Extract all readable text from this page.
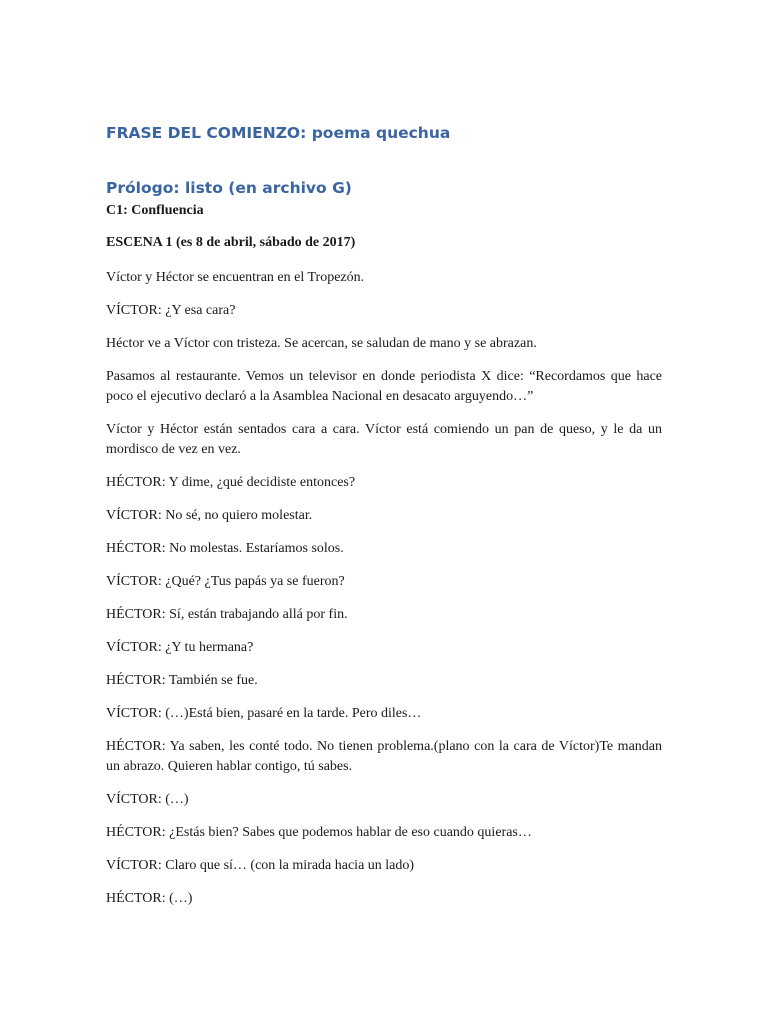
FRASE DEL COMIENZO: poema quechua
Prólogo: listo (en archivo G)

C1: Confluencia

ESCENA 1 (es 8 de abril, sábado de 2017)

Víctor y Héctor se encuentran en el Tropezón.

VÍCTOR: ¿Y esa cara?

Héctor ve a Víctor con tristeza. Se acercan, se saludan de mano y se abrazan.

Pasamos al restaurante. Vemos un televisor en donde periodista X dice: “Recordamos que hace poco el ejecutivo declaró a la Asamblea Nacional en desacato arguyendo…”

Víctor y Héctor están sentados cara a cara. Víctor está comiendo un pan de queso, y le da un mordisco de vez en vez.

HÉCTOR: Y dime, ¿qué decidiste entonces?

VÍCTOR: No sé, no quiero molestar.

HÉCTOR: No molestas. Estaríamos solos.

VÍCTOR: ¿Qué? ¿Tus papás ya se fueron?

HÉCTOR: Sí, están trabajando allá por fin.

VÍCTOR: ¿Y tu hermana?

HÉCTOR: También se fue.

VÍCTOR: (…)Está bien, pasaré en la tarde. Pero diles…

HÉCTOR: Ya saben, les conté todo. No tienen problema.(plano con la cara de Víctor)Te mandan un abrazo. Quieren hablar contigo, tú sabes.

VÍCTOR: (…)

HÉCTOR: ¿Estás bien? Sabes que podemos hablar de eso cuando quieras…

VÍCTOR: Claro que sí… (con la mirada hacia un lado)

HÉCTOR: (…)
